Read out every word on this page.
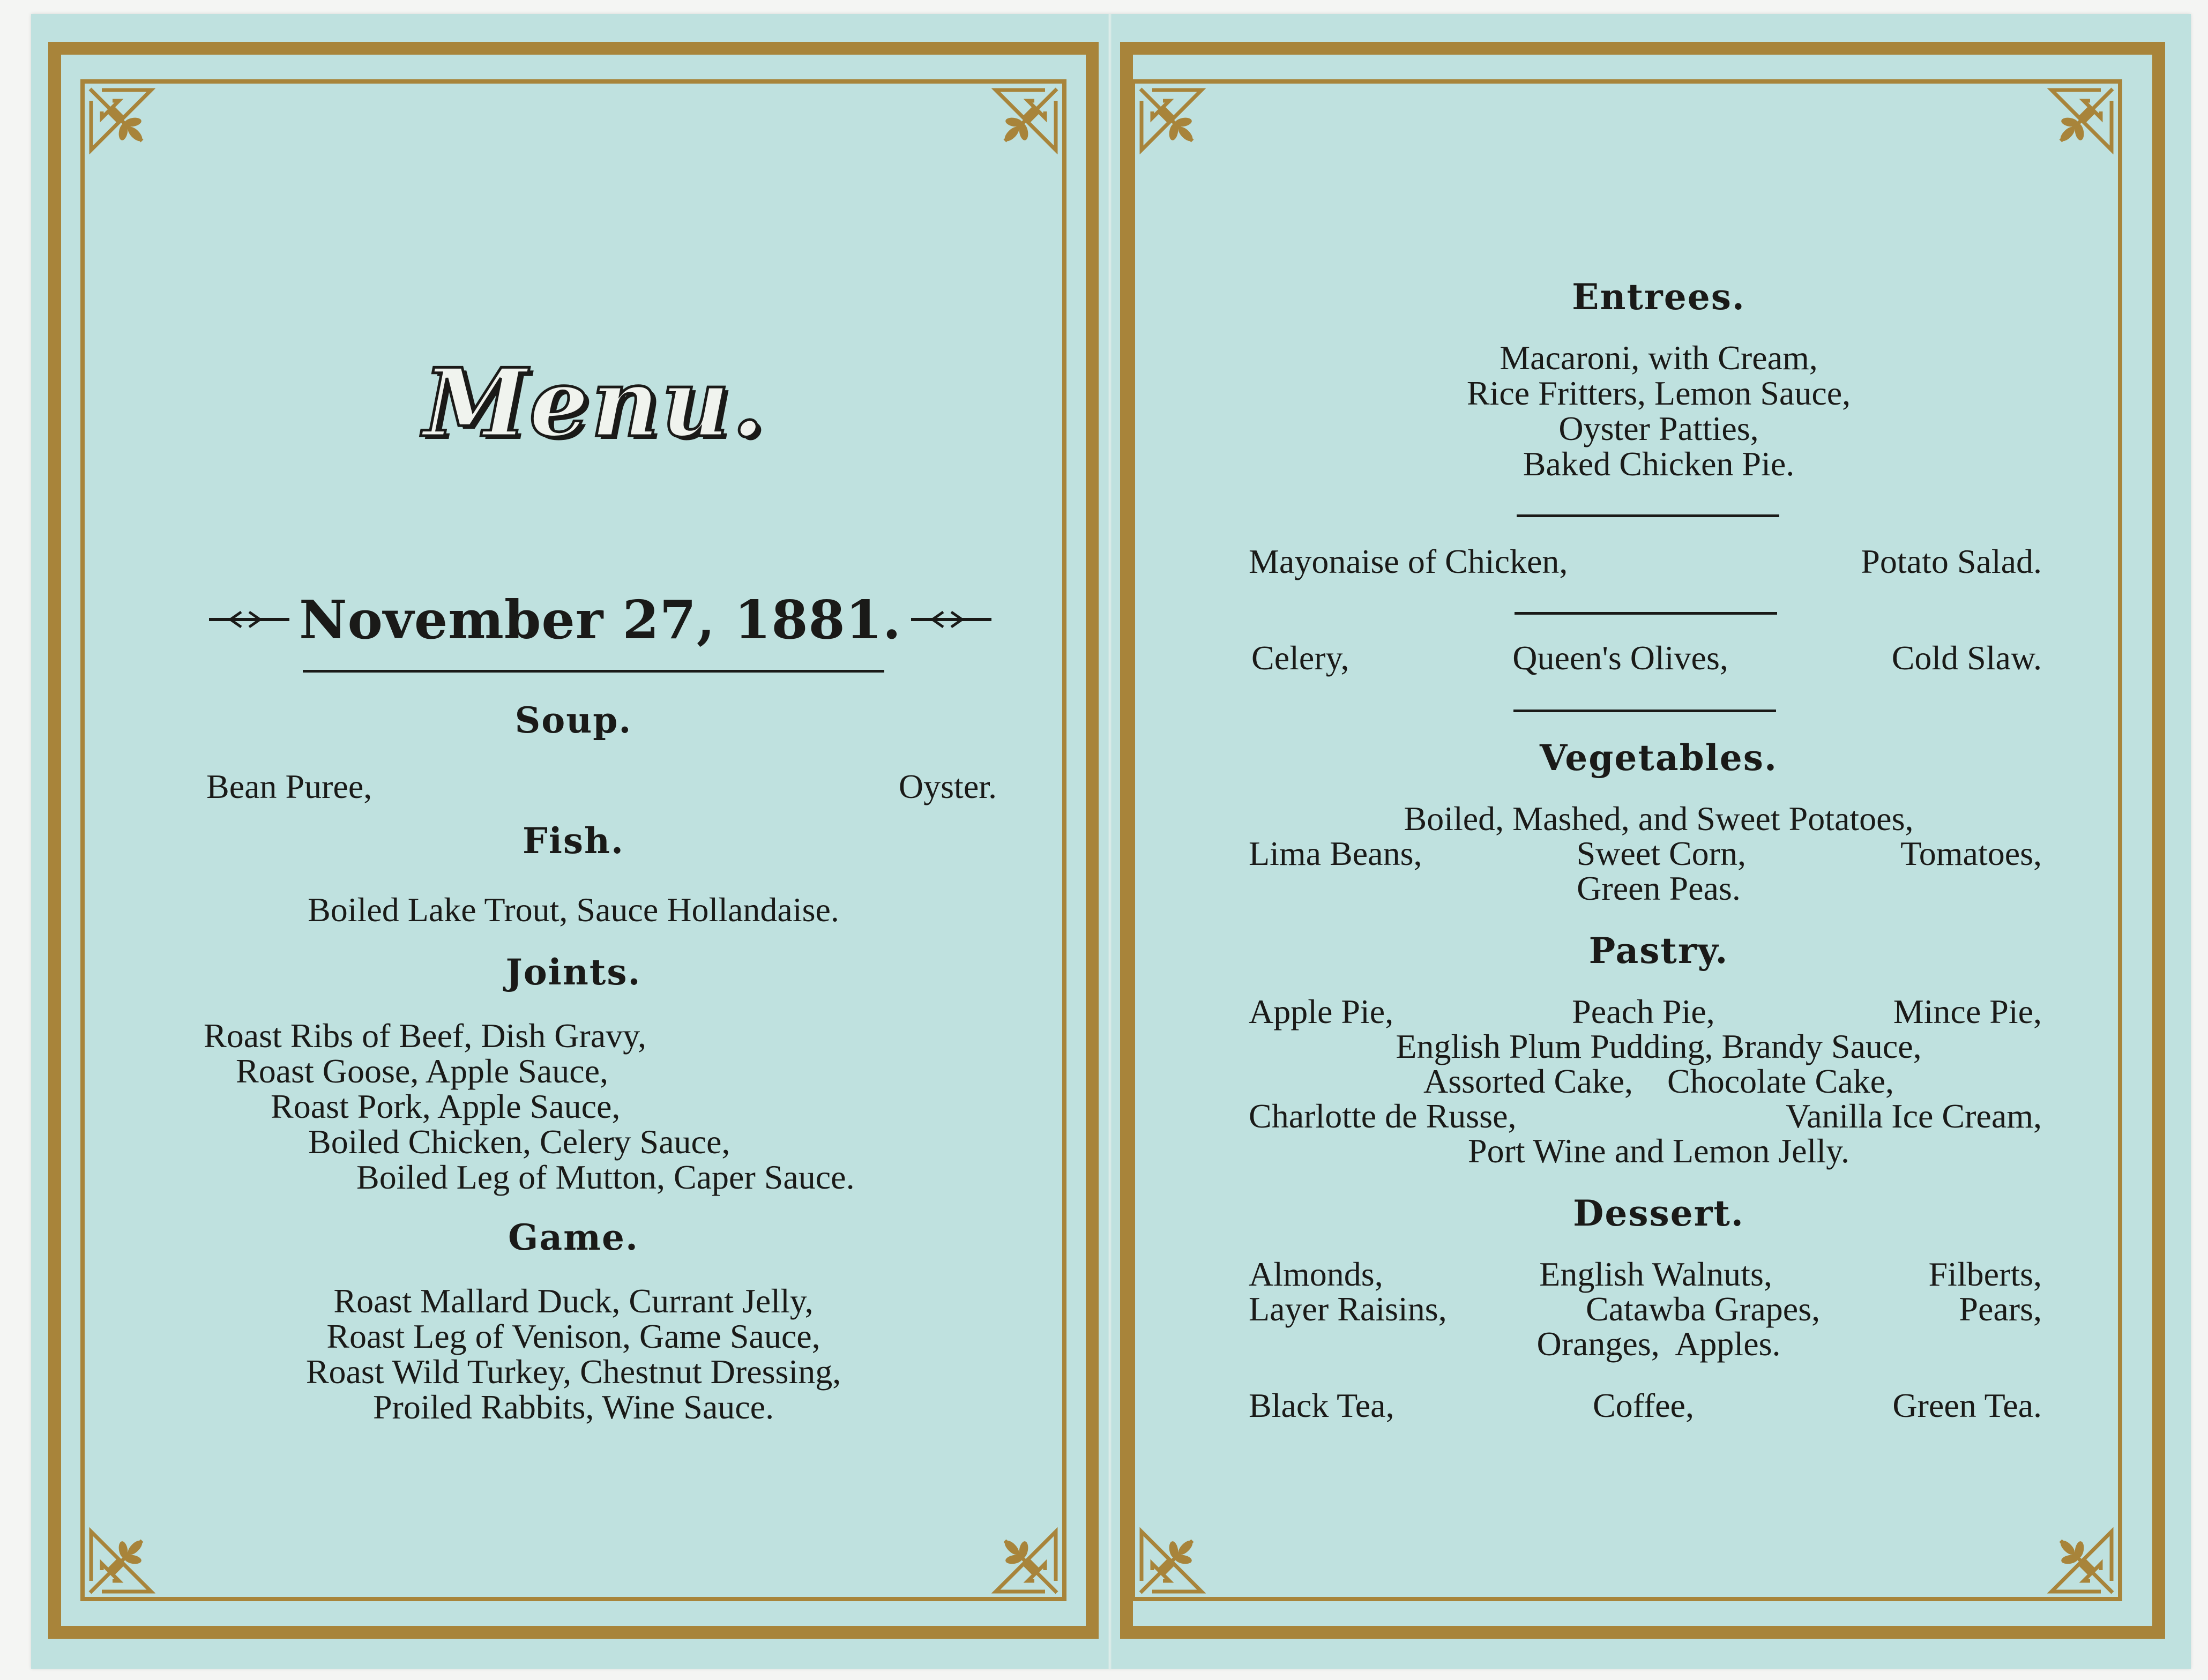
Menu.
November 27, 1881.
Soup.
Bean Puree,	Oyster.
Fish.
Boiled Lake Trout, Sauce Hollandaise.
Joints.
Roast Ribs of Beef, Dish Gravy,
Roast Goose, Apple Sauce,
Roast Pork, Apple Sauce,
Boiled Chicken, Celery Sauce,
Boiled Leg of Mutton, Caper Sauce.
Game.
Roast Mallard Duck, Currant Jelly,
Roast Leg of Venison, Game Sauce,
Roast Wild Turkey, Chestnut Dressing,
Proiled Rabbits, Wine Sauce.
Entrees.
Macaroni, with Cream,
Rice Fritters, Lemon Sauce,
Oyster Patties,
Baked Chicken Pie.
Mayonaise of Chicken,	Potato Salad.
Celery,	Queen's Olives,	Cold Slaw.
Vegetables.
Boiled, Mashed, and Sweet Potatoes,
Lima Beans,	Sweet Corn,	Tomatoes,
Green Peas.
Pastry.
Apple Pie,	Peach Pie,	Mince Pie,
English Plum Pudding, Brandy Sauce,
Assorted Cake,    Chocolate Cake,
Charlotte de Russe,	Vanilla Ice Cream,
Port Wine and Lemon Jelly.
Dessert.
Almonds,	English Walnuts,	Filberts,
Layer Raisins,	Catawba Grapes,	Pears,
Oranges,  Apples.
Black Tea,	Coffee,	Green Tea.
